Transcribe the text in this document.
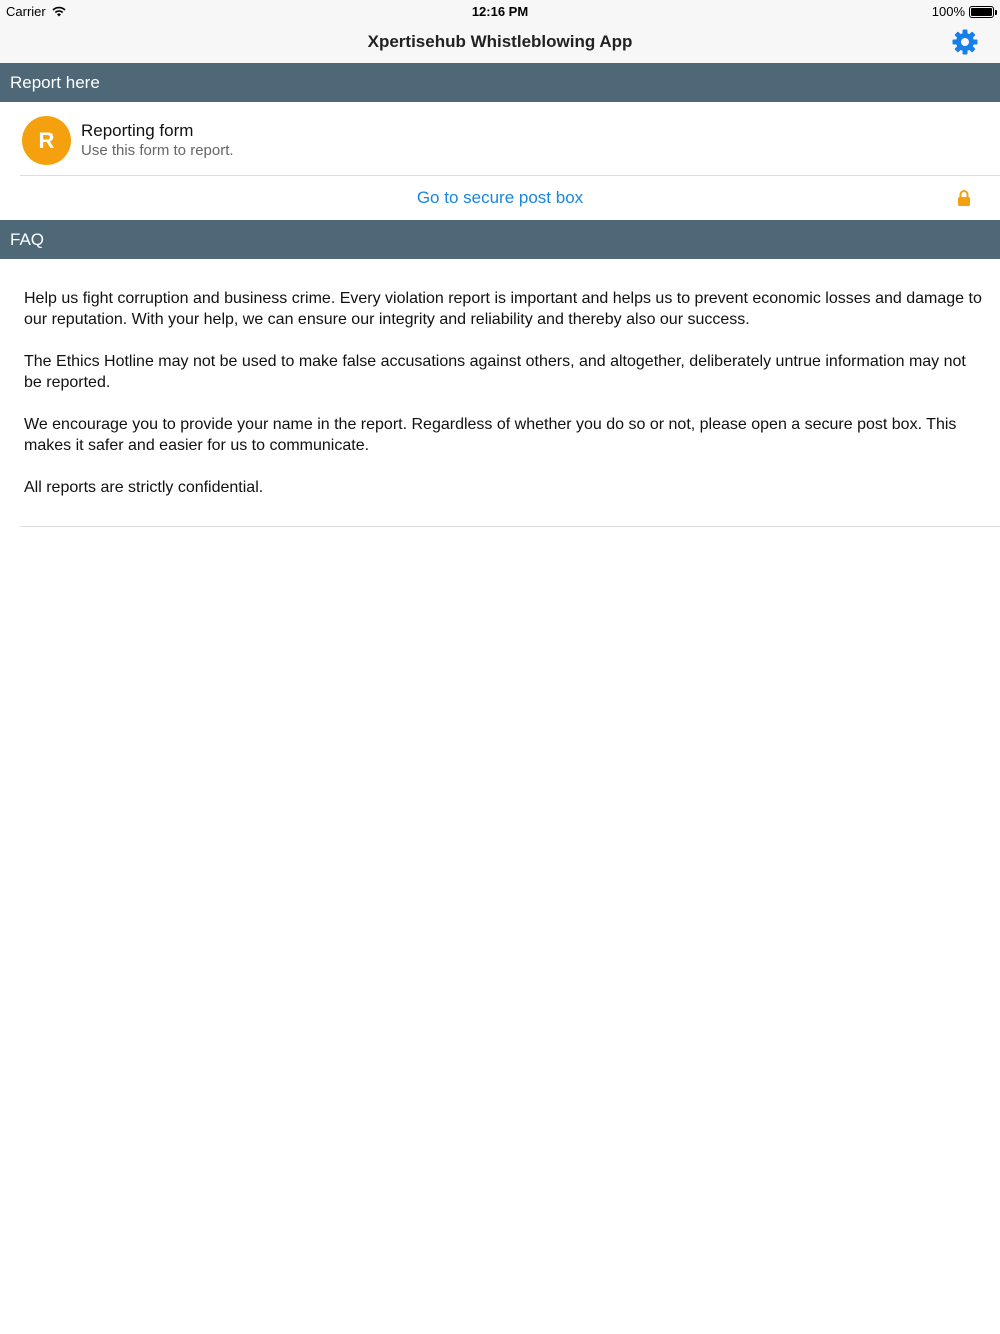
Carrier	12:16 PM	100%
Xpertisehub Whistleblowing App
Report here
R	Reporting form
Use this form to report.
Go to secure post box
FAQ

Help us fight corruption and business crime. Every violation report is important and helps us to prevent economic losses and damage to our reputation. With your help, we can ensure our integrity and reliability and thereby also our success.

The Ethics Hotline may not be used to make false accusations against others, and altogether, deliberately untrue information may not be reported.

We encourage you to provide your name in the report. Regardless of whether you do so or not, please open a secure post box. This makes it safer and easier for us to communicate.

All reports are strictly confidential.
